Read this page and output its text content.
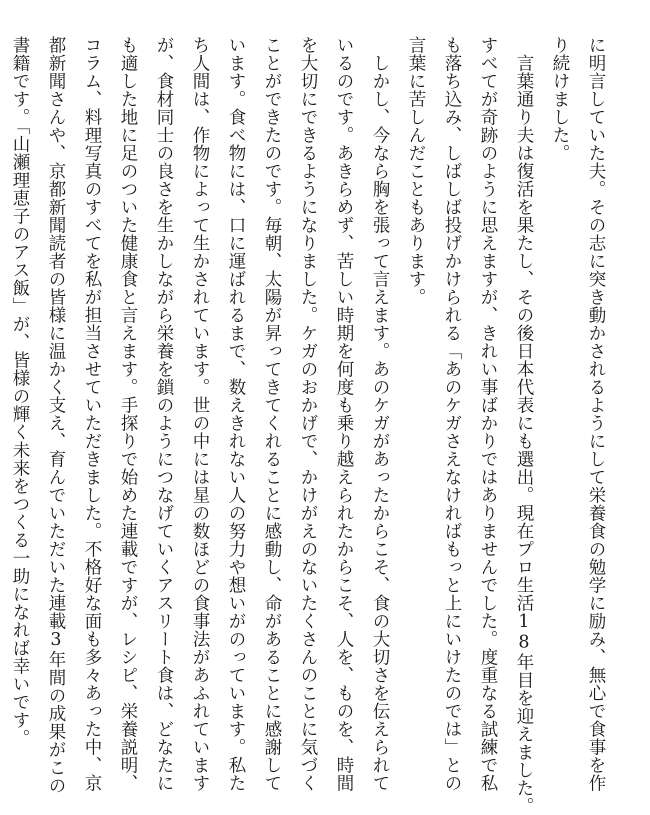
に明言していた夫。その志に突き動かされるようにして栄養食の勉学に励み、無心で食事を作
り続けました。
　言葉通り夫は復活を果たし、その後日本代表にも選出。現在プロ生活18年目を迎えました。
すべてが奇跡のように思えますが、きれい事ばかりではありませんでした。度重なる試練で私
も落ち込み、しばしば投げかけられる「あのケガさえなければもっと上にいけたのでは」との
言葉に苦しんだこともあります。
　しかし、今なら胸を張って言えます。あのケガがあったからこそ、食の大切さを伝えられて
いるのです。あきらめず、苦しい時期を何度も乗り越えられたからこそ、人を、ものを、時間
を大切にできるようになりました。ケガのおかげで、かけがえのないたくさんのことに気づく
ことができたのです。毎朝、太陽が昇ってきてくれることに感動し、命があることに感謝して
います。食べ物には、口に運ばれるまで、数えきれない人の努力や想いがのっています。私た
ち人間は、作物によって生かされています。世の中には星の数ほどの食事法があふれています
が、食材同士の良さを生かしながら栄養を鎖のようにつなげていくアスリート食は、どなたに
も適した地に足のついた健康食と言えます。手探りで始めた連載ですが、レシピ、栄養説明、
コラム、料理写真のすべてを私が担当させていただきました。不格好な面も多々あった中、京
都新聞さんや、京都新聞読者の皆様に温かく支え、育んでいただいた連載3年間の成果がこの
書籍です。「山瀬理恵子のアス飯」が、皆様の輝く未来をつくる一助になれば幸いです。
